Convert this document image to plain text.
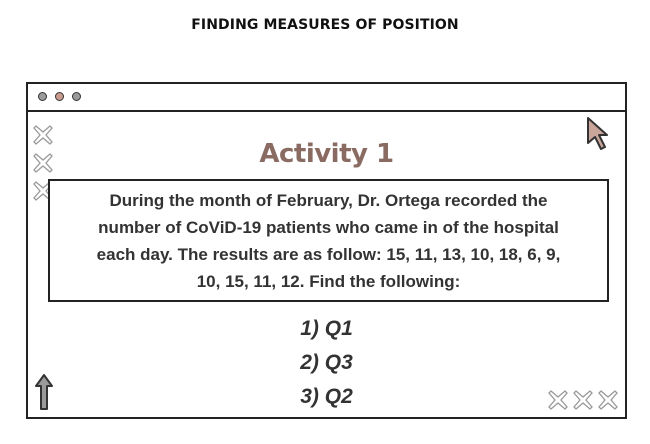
FINDING MEASURES OF POSITION
Activity 1
During the month of February, Dr. Ortega recorded the
number of CoViD-19 patients who came in of the hospital
each day. The results are as follow: 15, 11, 13, 10, 18, 6, 9,
10, 15, 11, 12. Find the following:
1) Q1
2) Q3
3) Q2
